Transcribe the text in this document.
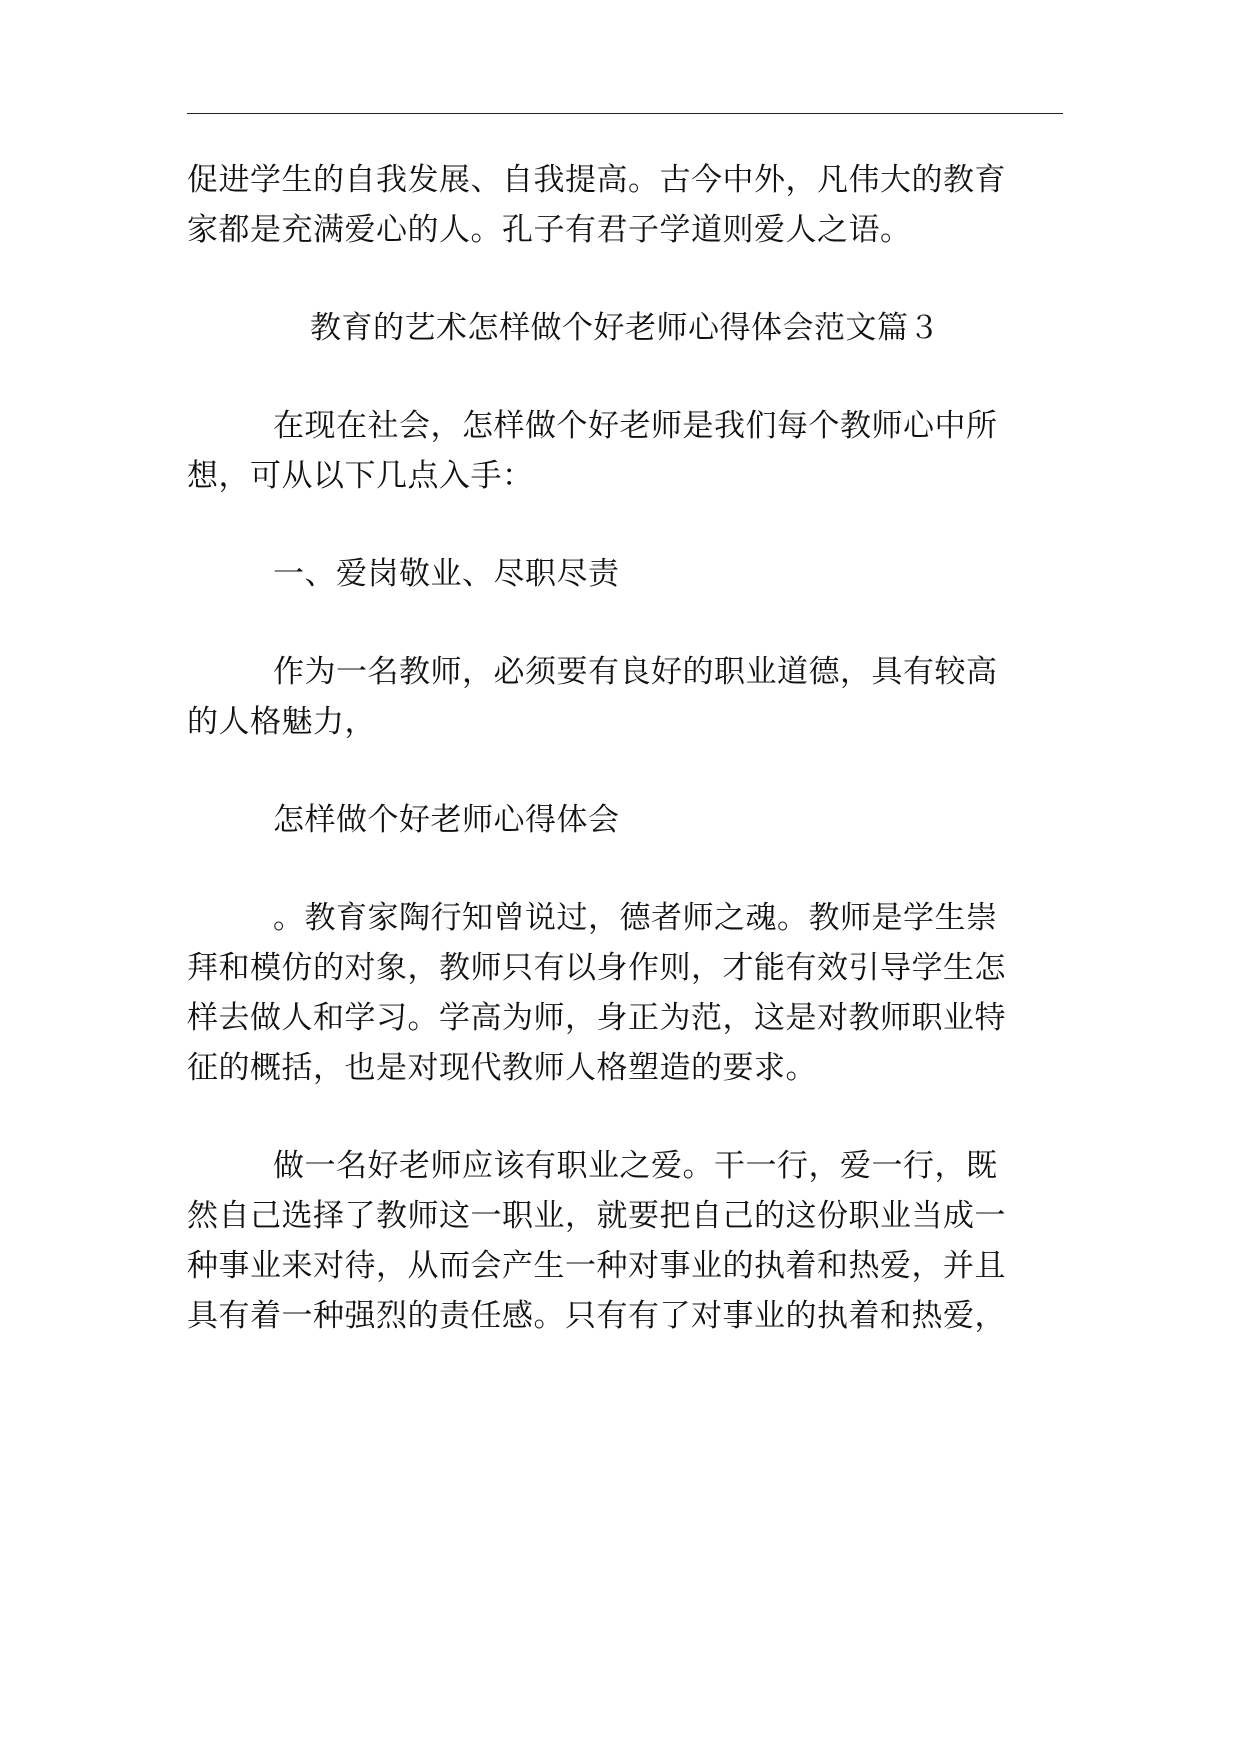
促进学生的自我发展、自我提高。古今中外，凡伟大的教育
家都是充满爱心的人。孔子有君子学道则爱人之语。

教育的艺术怎样做个好老师心得体会范文篇３

在现在社会，怎样做个好老师是我们每个教师心中所
想，可从以下几点入手：

一、爱岗敬业、尽职尽责

作为一名教师，必须要有良好的职业道德，具有较高
的人格魅力，

怎样做个好老师心得体会

。教育家陶行知曾说过，德者师之魂。教师是学生崇
拜和模仿的对象，教师只有以身作则，才能有效引导学生怎
样去做人和学习。学高为师，身正为范，这是对教师职业特
征的概括，也是对现代教师人格塑造的要求。

做一名好老师应该有职业之爱。干一行，爱一行，既
然自己选择了教师这一职业，就要把自己的这份职业当成一
种事业来对待，从而会产生一种对事业的执着和热爱，并且
具有着一种强烈的责任感。只有有了对事业的执着和热爱，
